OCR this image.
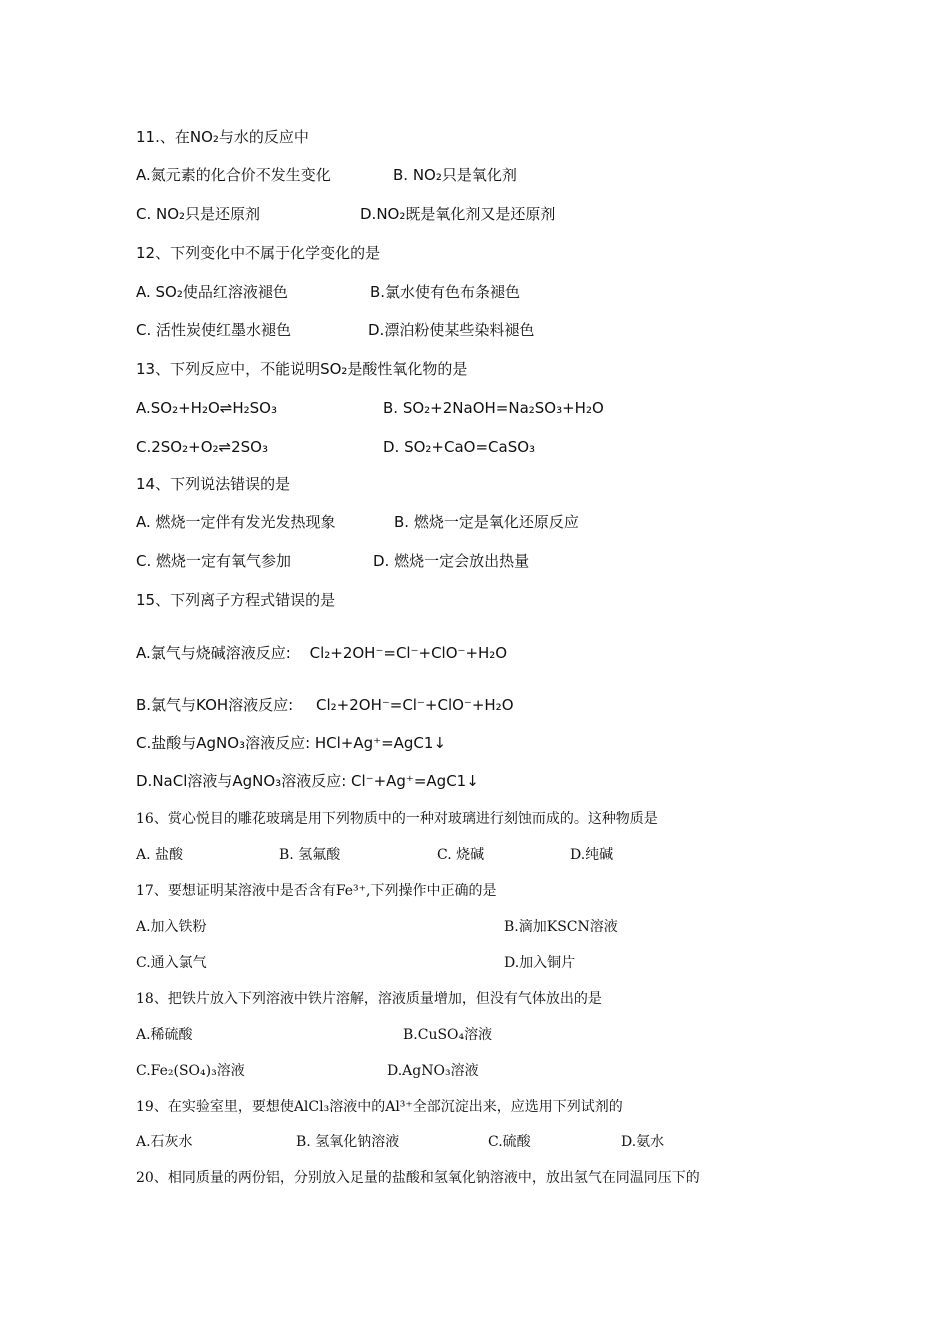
11.、在NO₂与水的反应中
A.氮元素的化合价不发生变化	B. NO₂只是氧化剂
C. NO₂只是还原剂	D.NO₂既是氧化剂又是还原剂
12、下列变化中不属于化学变化的是
A. SO₂使品红溶液褪色	B.氯水使有色布条褪色
C. 活性炭使红墨水褪色	D.漂泊粉使某些染料褪色
13、下列反应中，不能说明SO₂是酸性氧化物的是
A.SO₂+H₂O⇌H₂SO₃	B. SO₂+2NaOH=Na₂SO₃+H₂O
C.2SO₂+O₂⇌2SO₃	D. SO₂+CaO=CaSO₃
14、下列说法错误的是
A. 燃烧一定伴有发光发热现象	B. 燃烧一定是氧化还原反应
C. 燃烧一定有氧气参加	D. 燃烧一定会放出热量
15、下列离子方程式错误的是
A.氯气与烧碱溶液反应: Cl₂+2OH⁻=Cl⁻+ClO⁻+H₂O
B.氯气与KOH溶液反应: Cl₂+2OH⁻=Cl⁻+ClO⁻+H₂O
C.盐酸与AgNO₃溶液反应: HCl+Ag⁺=AgC1↓
D.NaCl溶液与AgNO₃溶液反应: Cl⁻+Ag⁺=AgC1↓
16、赏心悦目的雕花玻璃是用下列物质中的一种对玻璃进行刻蚀而成的。这种物质是
A. 盐酸	B. 氢氟酸	C. 烧碱	D.纯碱
17、要想证明某溶液中是否含有Fe³⁺,下列操作中正确的是
A.加入铁粉	B.滴加KSCN溶液
C.通入氯气	D.加入铜片
18、把铁片放入下列溶液中铁片溶解，溶液质量增加，但没有气体放出的是
A.稀硫酸	B.CuSO₄溶液
C.Fe₂(SO₄)₃溶液	D.AgNO₃溶液
19、在实验室里，要想使AlCl₃溶液中的Al³⁺全部沉淀出来，应选用下列试剂的
A.石灰水	B. 氢氧化钠溶液	C.硫酸	D.氨水
20、相同质量的两份铝，分别放入足量的盐酸和氢氧化钠溶液中，放出氢气在同温同压下的
